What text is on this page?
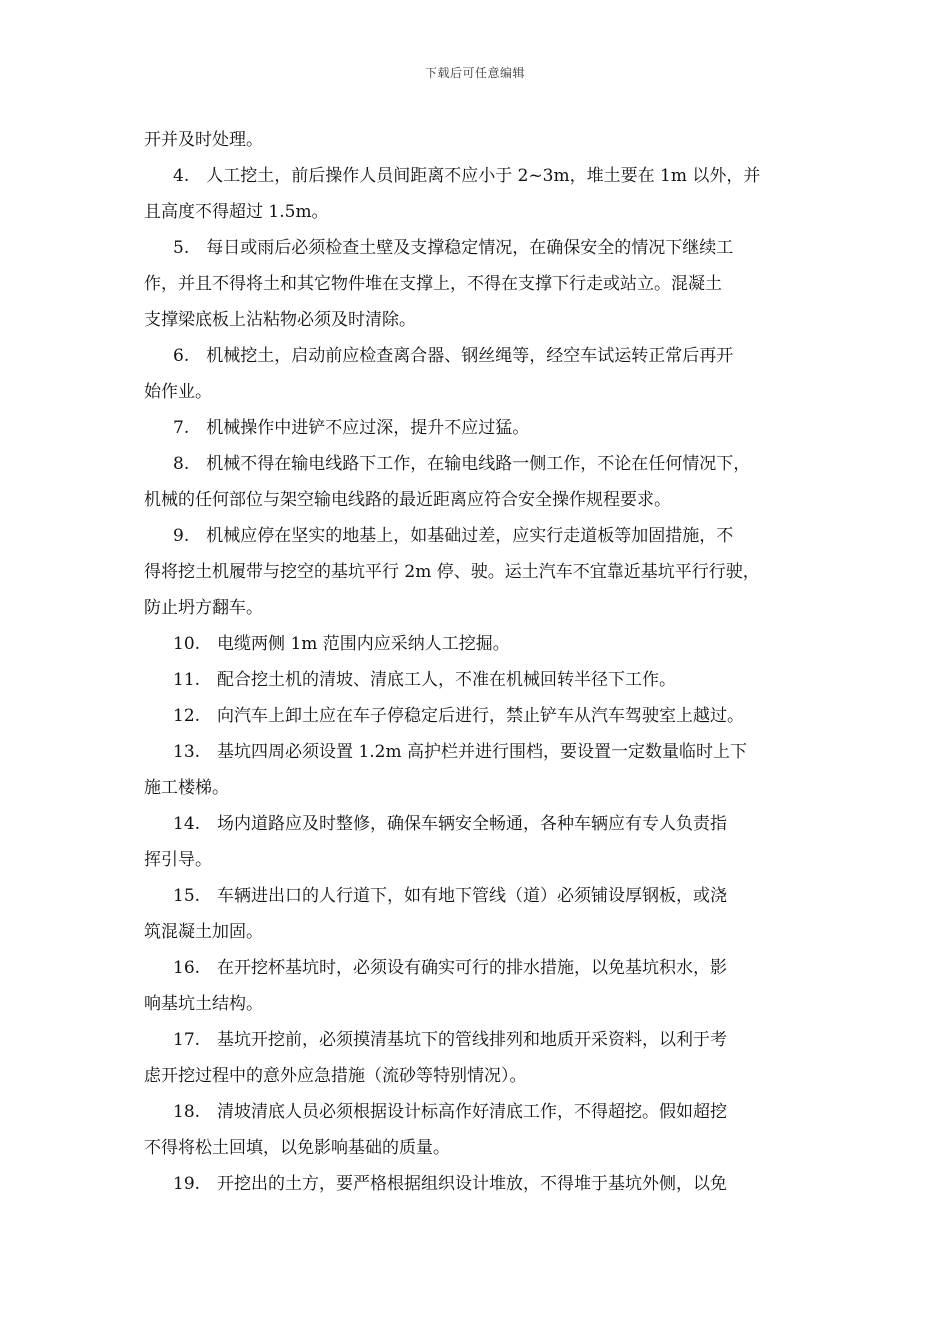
下载后可任意编辑
开并及时处理。
4.　人工挖土，前后操作人员间距离不应小于 2~3m，堆土要在 1m 以外，并
且高度不得超过 1.5m。
5.　每日或雨后必须检查土壁及支撑稳定情况，在确保安全的情况下继续工
作，并且不得将土和其它物件堆在支撑上，不得在支撑下行走或站立。混凝土
支撑梁底板上沾粘物必须及时清除。
6.　机械挖土，启动前应检查离合器、钢丝绳等，经空车试运转正常后再开
始作业。
7.　机械操作中进铲不应过深，提升不应过猛。
8.　机械不得在输电线路下工作，在输电线路一侧工作，不论在任何情况下，
机械的任何部位与架空输电线路的最近距离应符合安全操作规程要求。
9.　机械应停在坚实的地基上，如基础过差，应实行走道板等加固措施，不
得将挖土机履带与挖空的基坑平行 2m 停、驶。运土汽车不宜靠近基坑平行行驶，
防止坍方翻车。
10.　电缆两侧 1m 范围内应采纳人工挖掘。
11.　配合挖土机的清坡、清底工人，不准在机械回转半径下工作。
12.　向汽车上卸土应在车子停稳定后进行，禁止铲车从汽车驾驶室上越过。
13.　基坑四周必须设置 1.2m 高护栏并进行围档，要设置一定数量临时上下
施工楼梯。
14.　场内道路应及时整修，确保车辆安全畅通，各种车辆应有专人负责指
挥引导。
15.　车辆进出口的人行道下，如有地下管线（道）必须铺设厚钢板，或浇
筑混凝土加固。
16.　在开挖杯基坑时，必须设有确实可行的排水措施，以免基坑积水，影
响基坑土结构。
17.　基坑开挖前，必须摸清基坑下的管线排列和地质开采资料，以利于考
虑开挖过程中的意外应急措施（流砂等特别情况）。
18.　清坡清底人员必须根据设计标高作好清底工作，不得超挖。假如超挖
不得将松土回填，以免影响基础的质量。
19.　开挖出的土方，要严格根据组织设计堆放，不得堆于基坑外侧，以免
